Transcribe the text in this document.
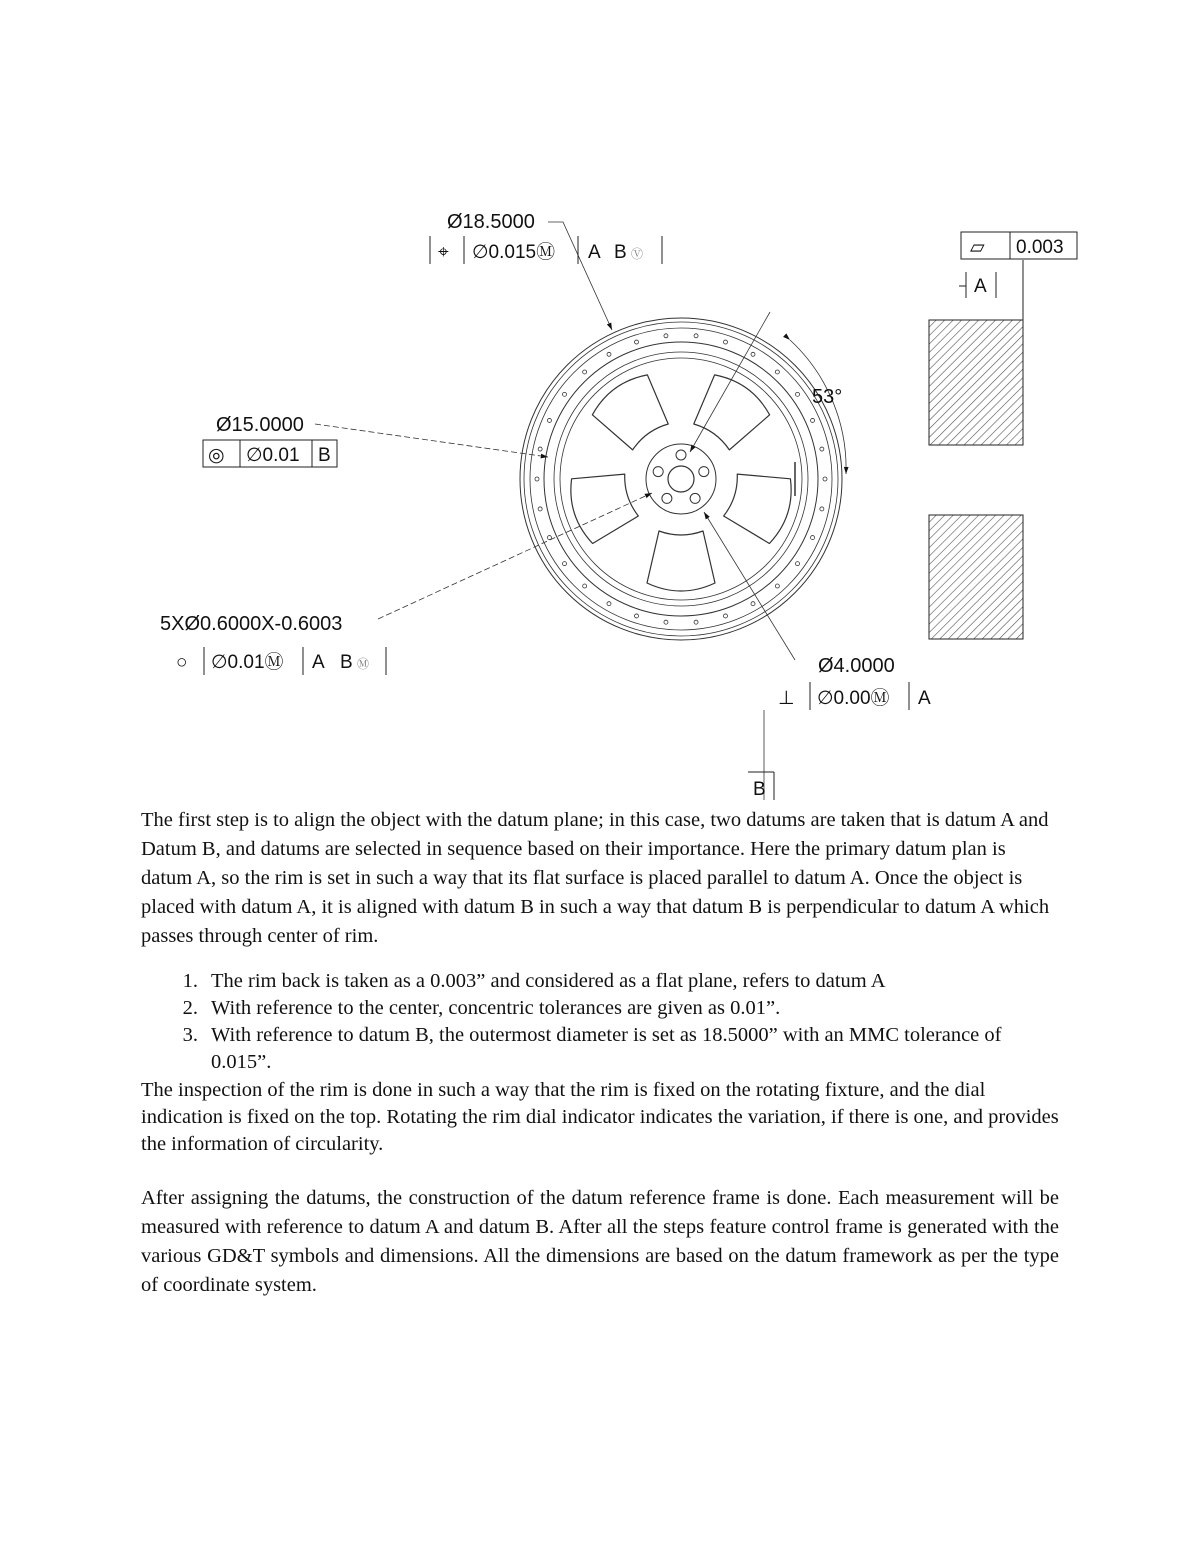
Ø18.5000
⌖ ∅0.015Ⓜ A B Ⓥ
Ø15.0000
◎ ∅0.01 B
5XØ0.6000X-0.6003
○ ∅0.01Ⓜ A B Ⓜ	Ø4.0000
⊥ ∅0.00Ⓜ A
53°
▱ 0.003
A
B

The first step is to align the object with the datum plane; in this case, two datums are taken that is datum A and Datum B, and datums are selected in sequence based on their importance. Here the primary datum plan is datum A, so the rim is set in such a way that its flat surface is placed parallel to datum A. Once the object is placed with datum A, it is aligned with datum B in such a way that datum B is perpendicular to datum A which passes through center of rim.

1. The rim back is taken as a 0.003” and considered as a flat plane, refers to datum A
2. With reference to the center, concentric tolerances are given as 0.01”.
3. With reference to datum B, the outermost diameter is set as 18.5000” with an MMC tolerance of 0.015”.

The inspection of the rim is done in such a way that the rim is fixed on the rotating fixture, and the dial indication is fixed on the top. Rotating the rim dial indicator indicates the variation, if there is one, and provides the information of circularity.

After assigning the datums, the construction of the datum reference frame is done. Each measurement will be measured with reference to datum A and datum B. After all the steps feature control frame is generated with the various GD&T symbols and dimensions. All the dimensions are based on the datum framework as per the type of coordinate system.
